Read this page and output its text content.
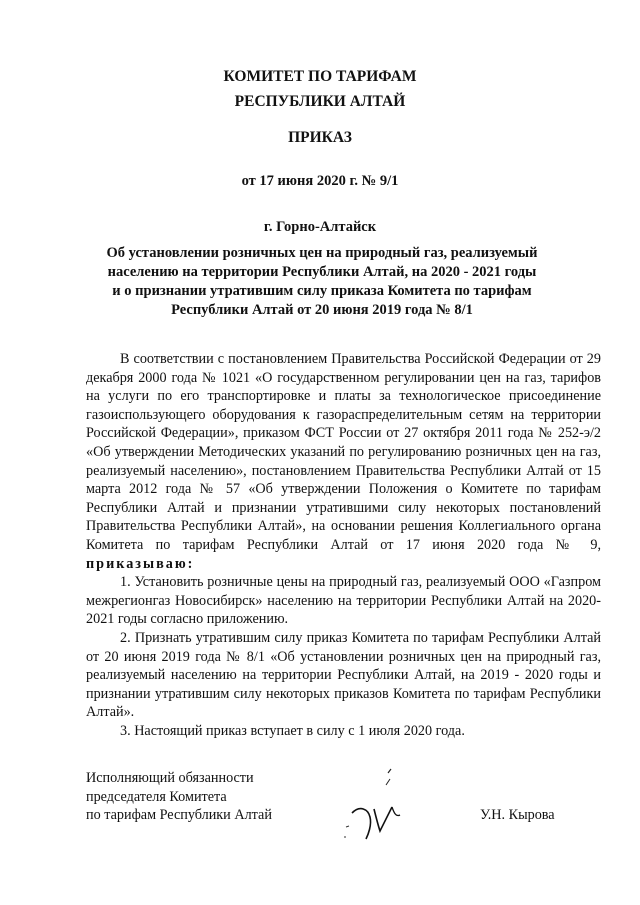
КОМИТЕТ ПО ТАРИФАМ
РЕСПУБЛИКИ АЛТАЙ
ПРИКАЗ
от 17 июня 2020 г. № 9/1
г. Горно-Алтайск
Об установлении розничных цен на природный газ, реализуемый
населению на территории Республики Алтай, на 2020 - 2021 годы
и о признании утратившим силу приказа Комитета по тарифам
Республики Алтай от 20 июня 2019 года № 8/1
В соответствии с постановлением Правительства Российской Федерации от 29 декабря 2000 года № 1021 «О государственном регулировании цен на газ, тарифов на услуги по его транспортировке и платы за технологическое присоединение газоиспользующего оборудования к газораспределительным сетям на территории Российской Федерации», приказом ФСТ России от 27 октября 2011 года № 252-э/2 «Об утверждении Методических указаний по регулированию розничных цен на газ, реализуемый населению», постановлением Правительства Республики Алтай от 15 марта 2012 года № 57 «Об утверждении Положения о Комитете по тарифам Республики Алтай и признании утратившими силу некоторых постановлений Правительства Республики Алтай», на основании решения Коллегиального органа Комитета по тарифам Республики Алтай от 17 июня 2020 года № 9, приказываю:
1. Установить розничные цены на природный газ, реализуемый ООО «Газпром межрегионгаз Новосибирск» населению на территории Республики Алтай на 2020-2021 годы согласно приложению.
2. Признать утратившим силу приказ Комитета по тарифам Республики Алтай от 20 июня 2019 года № 8/1 «Об установлении розничных цен на природный газ, реализуемый населению на территории Республики Алтай, на 2019 - 2020 годы и признании утратившим силу некоторых приказов Комитета по тарифам Республики Алтай».
3. Настоящий приказ вступает в силу с 1 июля 2020 года.
Исполняющий обязанности
председателя Комитета
по тарифам Республики Алтай	У.Н. Кырова
